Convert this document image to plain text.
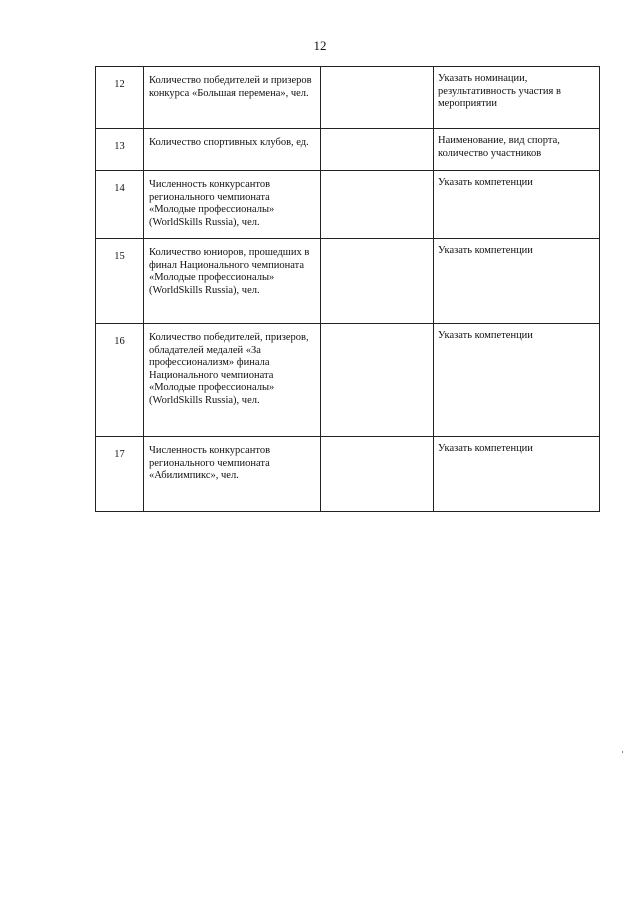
12
12	Количество победителей и призеров конкурса «Большая перемена», чел.		Указать номинации, результативность участия в мероприятии

13	Количество спортивных клубов, ед.		Наименование, вид спорта, количество участников

14	Численность конкурсантов регионального чемпионата «Молодые профессионалы» (WorldSkills Russia), чел.		Указать компетенции

15	Количество юниоров, прошедших в финал Национального чемпионата «Молодые профессионалы» (WorldSkills Russia), чел.		Указать компетенции

16	Количество победителей, призеров, обладателей медалей «За профессионализм» финала Национального чемпионата «Молодые профессионалы» (WorldSkills Russia), чел.		Указать компетенции

17	Численность конкурсантов регионального чемпионата «Абилимпикс», чел.		Указать компетенции
